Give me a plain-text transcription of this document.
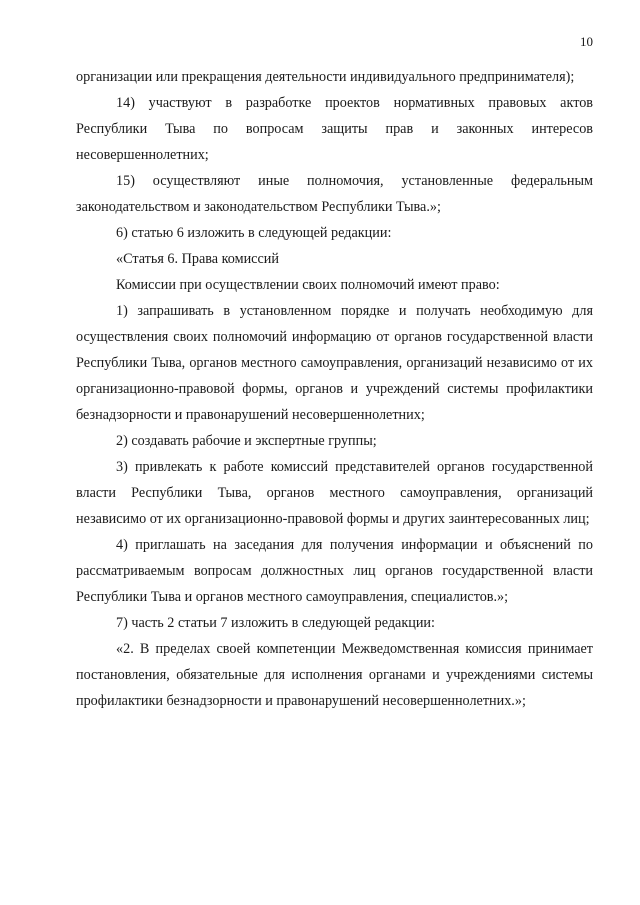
10

организации или прекращения деятельности индивидуального предпринимателя);

14) участвуют в разработке проектов нормативных правовых актов Республики Тыва по вопросам защиты прав и законных интересов несовершеннолетних;

15) осуществляют иные полномочия, установленные федеральным законодательством и законодательством Республики Тыва.»;

6) статью 6 изложить в следующей редакции:

«Статья 6. Права комиссий

Комиссии при осуществлении своих полномочий имеют право:

1) запрашивать в установленном порядке и получать необходимую для осуществления своих полномочий информацию от органов государственной власти Республики Тыва, органов местного самоуправления, организаций независимо от их организационно-правовой формы, органов и учреждений системы профилактики безнадзорности и правонарушений несовершеннолетних;

2) создавать рабочие и экспертные группы;

3) привлекать к работе комиссий представителей органов государственной власти Республики Тыва, органов местного самоуправления, организаций независимо от их организационно-правовой формы и других заинтересованных лиц;

4) приглашать на заседания для получения информации и объяснений по рассматриваемым вопросам должностных лиц органов государственной власти Республики Тыва и органов местного самоуправления, специалистов.»;

7) часть 2 статьи 7 изложить в следующей редакции:

«2. В пределах своей компетенции Межведомственная комиссия принимает постановления, обязательные для исполнения органами и учреждениями системы профилактики безнадзорности и правонарушений несовершеннолетних.»;
